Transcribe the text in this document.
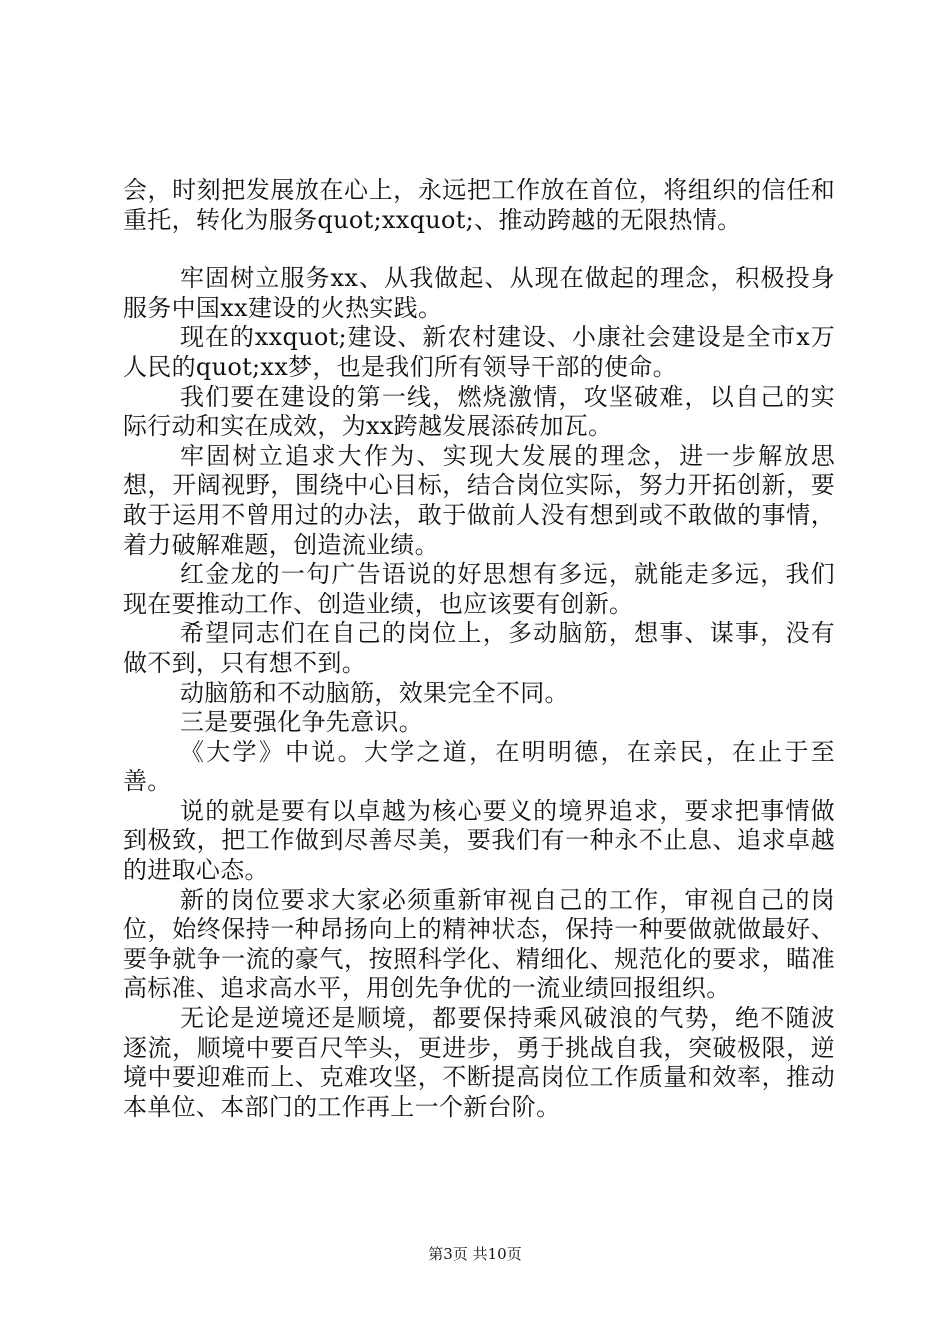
会，时刻把发展放在心上，永远把工作放在首位，将组织的信任和重托，转化为服务quot;xxquot;、推动跨越的无限热情。

牢固树立服务xx、从我做起、从现在做起的理念，积极投身服务中国xx建设的火热实践。

现在的xxquot;建设、新农村建设、小康社会建设是全市x万人民的quot;xx梦，也是我们所有领导干部的使命。

我们要在建设的第一线，燃烧激情，攻坚破难，以自己的实际行动和实在成效，为xx跨越发展添砖加瓦。

牢固树立追求大作为、实现大发展的理念，进一步解放思想，开阔视野，围绕中心目标，结合岗位实际，努力开拓创新，要敢于运用不曾用过的办法，敢于做前人没有想到或不敢做的事情，着力破解难题，创造流业绩。

红金龙的一句广告语说的好思想有多远，就能走多远，我们现在要推动工作、创造业绩，也应该要有创新。

希望同志们在自己的岗位上，多动脑筋，想事、谋事，没有做不到，只有想不到。

动脑筋和不动脑筋，效果完全不同。

三是要强化争先意识。

《大学》中说。大学之道，在明明德，在亲民，在止于至善。

说的就是要有以卓越为核心要义的境界追求，要求把事情做到极致，把工作做到尽善尽美，要我们有一种永不止息、追求卓越的进取心态。

新的岗位要求大家必须重新审视自己的工作，审视自己的岗位，始终保持一种昂扬向上的精神状态，保持一种要做就做最好、要争就争一流的豪气，按照科学化、精细化、规范化的要求，瞄准高标准、追求高水平，用创先争优的一流业绩回报组织。

无论是逆境还是顺境，都要保持乘风破浪的气势，绝不随波逐流，顺境中要百尺竿头，更进步，勇于挑战自我，突破极限，逆境中要迎难而上、克难攻坚，不断提高岗位工作质量和效率，推动本单位、本部门的工作再上一个新台阶。

第3页 共10页
